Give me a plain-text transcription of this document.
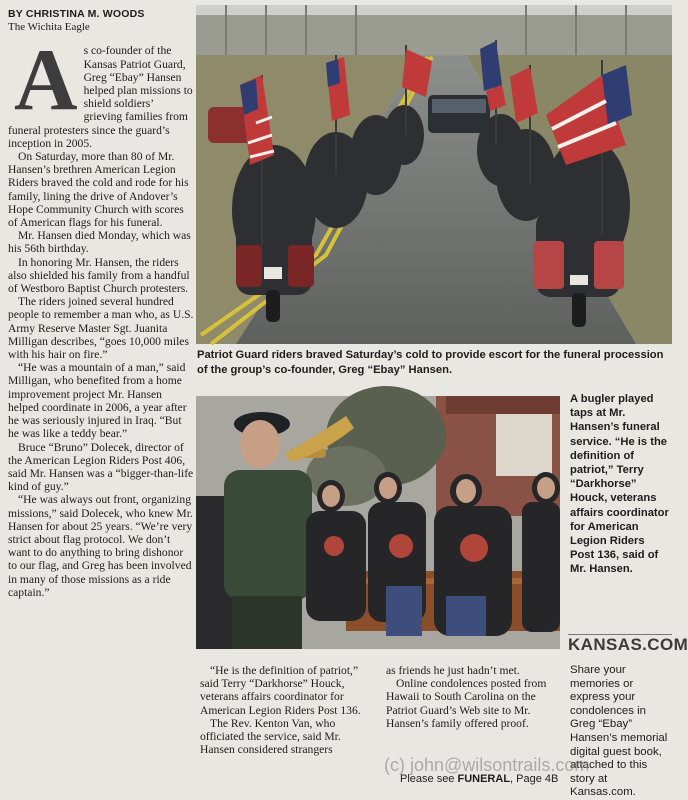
BY CHRISTINA M. WOODS
The Wichita Eagle
A s co-founder of the Kansas Patriot Guard, Greg “Ebay” Hansen helped plan missions to shield soldiers’ grieving families from funeral protesters since the guard’s inception in 2005.

On Saturday, more than 80 of Mr. Hansen’s brethren American Legion Riders braved the cold and rode for his family, lining the drive of Andover’s Hope Community Church with scores of American flags for his funeral.

Mr. Hansen died Monday, which was his 56th birthday.

In honoring Mr. Hansen, the riders also shielded his family from a handful of Westboro Baptist Church protesters.

The riders joined several hundred people to remember a man who, as U.S. Army Reserve Master Sgt. Juanita Milligan describes, “goes 10,000 miles with his hair on fire.”

“He was a mountain of a man,” said Milligan, who benefited from a home improvement project Mr. Hansen helped coordinate in 2006, a year after he was seriously injured in Iraq. “But he was like a teddy bear.”

Bruce “Bruno” Dolecek, director of the American Legion Riders Post 406, said Mr. Hansen was a “bigger-than-life kind of guy.”

“He was always out front, organizing missions,” said Dolecek, who knew Mr. Hansen for about 25 years. “We’re very strict about flag protocol. We don’t want to do anything to bring dishonor to our flag, and Greg has been involved in many of those missions as a ride captain.”

Patriot Guard riders braved Saturday’s cold to provide escort for the funeral procession of the group’s co-founder, Greg “Ebay” Hansen.
A bugler played taps at Mr. Hansen’s funeral service. “He is the definition of patriot,” Terry “Darkhorse” Houck, veterans affairs coordinator for American Legion Riders Post 136, said of Mr. Hansen.
KANSAS.COM
Share your memories or express your condolences in Greg “Ebay” Hansen’s memorial digital guest book, attached to this story at Kansas.com.

“He is the definition of patriot,” said Terry “Darkhorse” Houck, veterans affairs coordinator for American Legion Riders Post 136.

The Rev. Kenton Van, who officiated the service, said Mr. Hansen considered strangers

as friends he just hadn’t met.

Online condolences posted from Hawaii to South Carolina on the Patriot Guard’s Web site to Mr. Hansen’s family offered proof.

Please see FUNERAL, Page 4B
(c) john@wilsontrails.com
